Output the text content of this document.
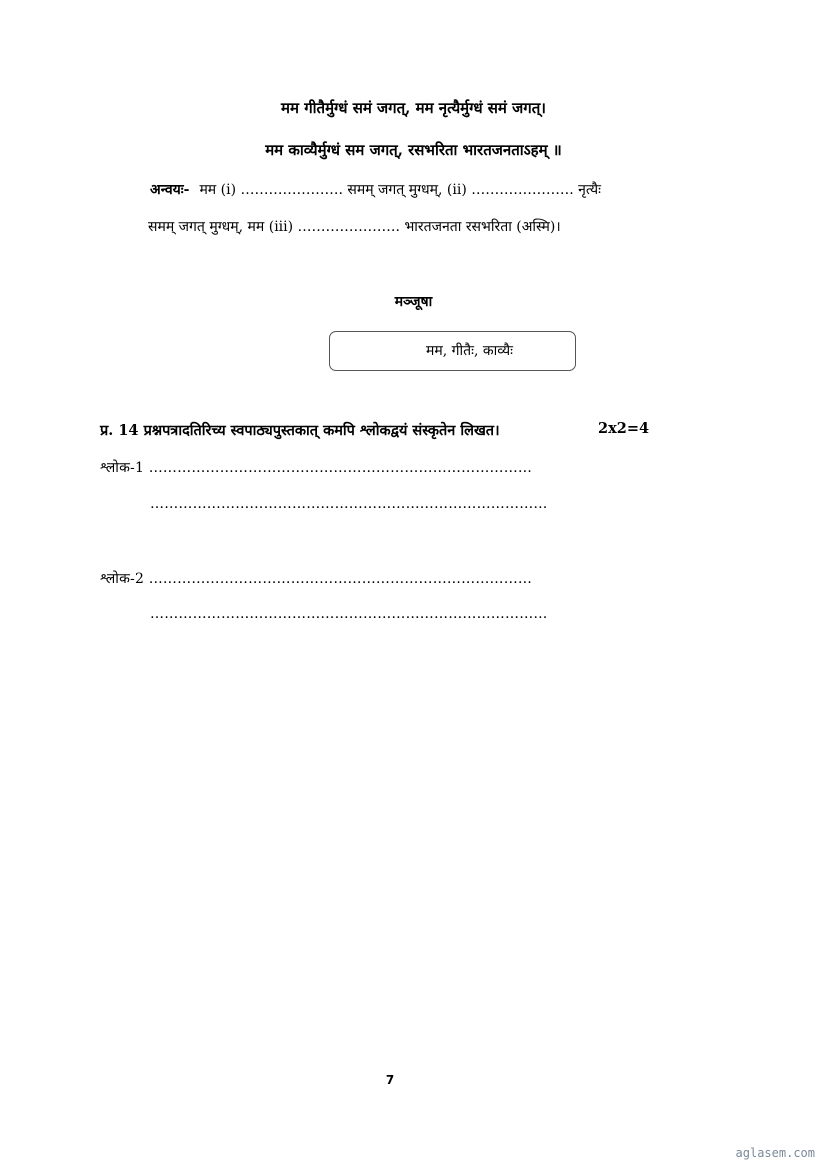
मम गीतैर्मुग्धं समं जगत्, मम नृत्यैर्मुग्धं समं जगत्।
मम काव्यैर्मुग्धं सम जगत्, रसभरिता भारतजनताऽहम् ॥
अन्वयः- मम (i) …………………. समम् जगत् मुग्धम्, (ii) …………………. नृत्यैः
समम् जगत् मुग्धम्, मम (iii) …………………. भारतजनता रसभरिता (अस्मि)।
मञ्जूषा
मम, गीतैः, काव्यैः
प्र. 14 प्रश्नपत्रादतिरिच्य स्वपाठ्यपुस्तकात् कमपि श्लोकद्वयं संस्कृतेन लिखत।	2x2=4
श्लोक-1 ………………………………………………………………………
…………………………………………………………………………
श्लोक-2 ………………………………………………………………………
…………………………………………………………………………
7
aglasem.com
